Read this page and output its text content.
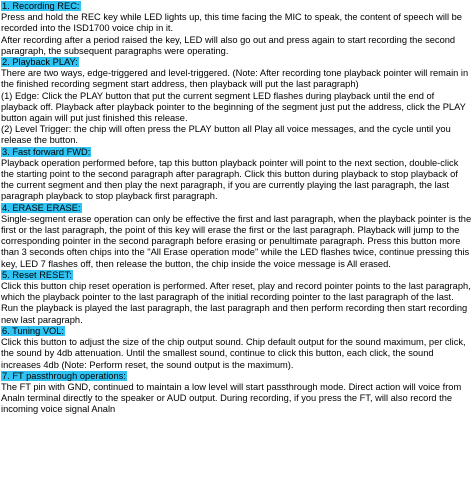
1. Recording REC:
Press and hold the REC key while LED lights up, this time facing the MIC to speak, the content of speech will be recorded into the ISD1700 voice chip in it.
After recording after a period raised the key, LED will also go out and press again to start recording the second paragraph, the subsequent paragraphs were operating.
2. Playback PLAY:
There are two ways, edge-triggered and level-triggered. (Note: After recording tone playback pointer will remain in the finished recording segment start address, then playback will put the last paragraph)
(1) Edge: Click the PLAY button that put the current segment LED flashes during playback until the end of playback off. Playback after playback pointer to the beginning of the segment just put the address, click the PLAY button again will put just finished this release.
(2) Level Trigger: the chip will often press the PLAY button all Play all voice messages, and the cycle until you release the button.
3. Fast forward FWD:
Playback operation performed before, tap this button playback pointer will point to the next section, double-click the starting point to the second paragraph after paragraph. Click this button during playback to stop playback of the current segment and then play the next paragraph, if you are currently playing the last paragraph, the last paragraph playback to stop playback first paragraph.
4. ERASE ERASE:
Single-segment erase operation can only be effective the first and last paragraph, when the playback pointer is the first or the last paragraph, the point of this key will erase the first or the last paragraph. Playback will jump to the corresponding pointer in the second paragraph before erasing or penultimate paragraph. Press this button more than 3 seconds often chips into the "All Erase operation mode" while the LED flashes twice, continue pressing this key, LED 7 flashes off, then release the button, the chip inside the voice message is All erased.
5. Reset RESET:
Click this button chip reset operation is performed. After reset, play and record pointer points to the last paragraph, which the playback pointer to the last paragraph of the initial recording pointer to the last paragraph of the last. Run the playback is played the last paragraph, the last paragraph and then perform recording then start recording new last paragraph.
6. Tuning VOL:
Click this button to adjust the size of the chip output sound. Chip default output for the sound maximum, per click, the sound by 4db attenuation. Until the smallest sound, continue to click this button, each click, the sound increases 4db (Note: Perform reset, the sound output is the maximum).
7. FT passthrough operations:
The FT pin with GND, continued to maintain a low level will start passthrough mode. Direct action will voice from Analn terminal directly to the speaker or AUD output. During recording, if you press the FT, will also record the incoming voice signal Analn
